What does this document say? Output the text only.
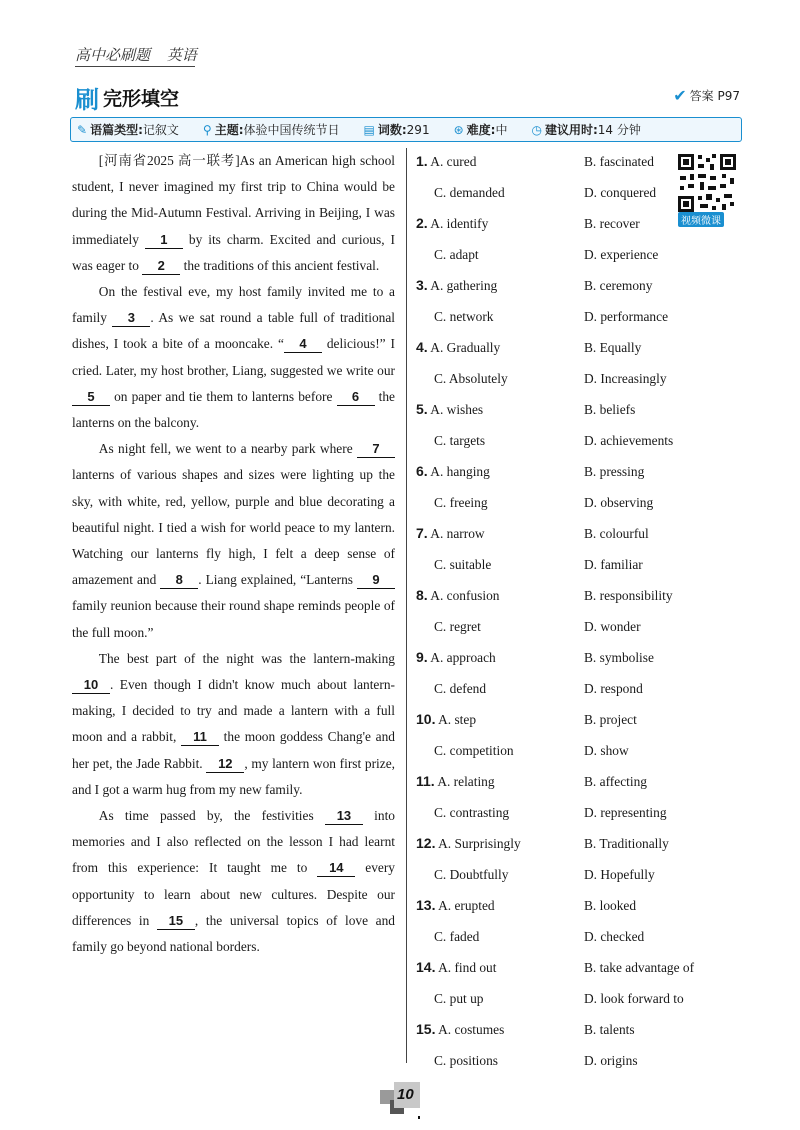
高中必刷题 英语
刷 完形填空	✔ 答案 P97
✎ 语篇类型: 记叙文 ⚲ 主题: 体验中国传统节日 ▤ 词数: 291 ⊛ 难度: 中 ◷ 建议用时: 14 分钟

[河南省2025 高一联考]As an American high school student, I never imagined my first trip to China would be during the Mid-Autumn Festival. Arriving in Beijing, I was immediately 1 by its charm. Excited and curious, I was eager to 2 the traditions of this ancient festival.

On the festival eve, my host family invited me to a family 3 . As we sat round a table full of traditional dishes, I took a bite of a mooncake. “ 4 delicious!” I cried. Later, my host brother, Liang, suggested we write our 5 on paper and tie them to lanterns before 6 the lanterns on the balcony.

As night fell, we went to a nearby park where 7 lanterns of various shapes and sizes were lighting up the sky, with white, red, yellow, purple and blue decorating a beautiful night. I tied a wish for world peace to my lantern. Watching our lanterns fly high, I felt a deep sense of amazement and 8 . Liang explained, “Lanterns 9 family reunion because their round shape reminds people of the full moon.”

The best part of the night was the lantern-making 10 . Even though I didn't know much about lantern-making, I decided to try and made a lantern with a full moon and a rabbit, 11 the moon goddess Chang'e and her pet, the Jade Rabbit. 12 , my lantern won first prize, and I got a warm hug from my new family.

As time passed by, the festivities 13 into memories and I also reflected on the lesson I had learnt from this experience: It taught me to 14 every opportunity to learn about new cultures. Despite our differences in 15 , the universal topics of love and family go beyond national borders.

1. A. cured	B. fascinated
C. demanded	D. conquered
2. A. identify	B. recover
C. adapt	D. experience
3. A. gathering	B. ceremony
C. network	D. performance
4. A. Gradually	B. Equally
C. Absolutely	D. Increasingly
5. A. wishes	B. beliefs
C. targets	D. achievements
6. A. hanging	B. pressing
C. freeing	D. observing
7. A. narrow	B. colourful
C. suitable	D. familiar
8. A. confusion	B. responsibility
C. regret	D. wonder
9. A. approach	B. symbolise
C. defend	D. respond
10. A. step	B. project
C. competition	D. show
11. A. relating	B. affecting
C. contrasting	D. representing
12. A. Surprisingly	B. Traditionally
C. Doubtfully	D. Hopefully
13. A. erupted	B. looked
C. faded	D. checked
14. A. find out	B. take advantage of
C. put up	D. look forward to
15. A. costumes	B. talents
C. positions	D. origins
视频微课
10
